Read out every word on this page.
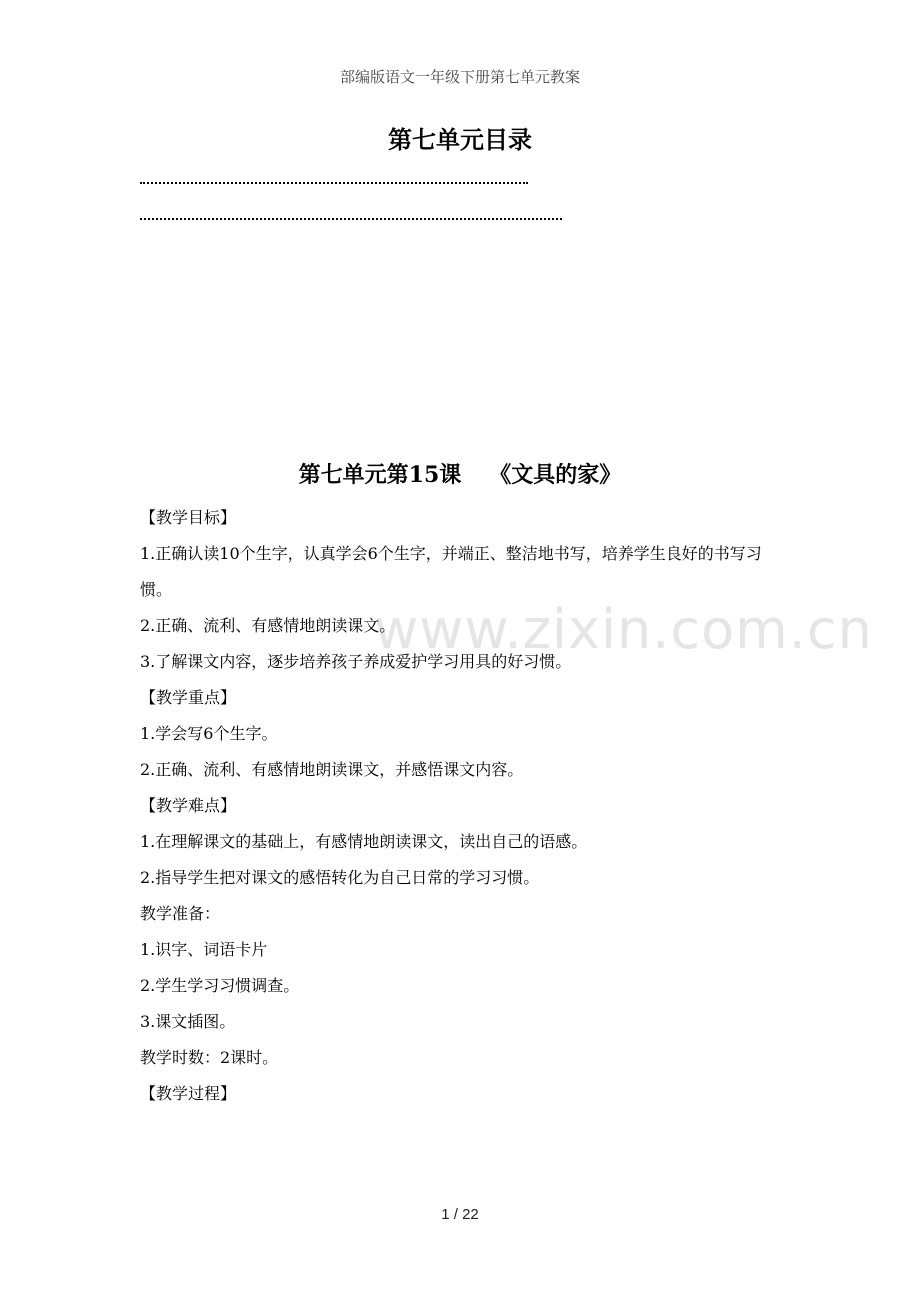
部编版语文一年级下册第七单元教案
第七单元目录
第七单元第15课 《文具的家》
www.zixin.com.cn

【教学目标】

1.正确认读10个生字，认真学会6个生字，并端正、整洁地书写，培养学生良好的书写习惯。

2.正确、流利、有感情地朗读课文。

3.了解课文内容，逐步培养孩子养成爱护学习用具的好习惯。

【教学重点】

1.学会写6个生字。

2.正确、流利、有感情地朗读课文，并感悟课文内容。

【教学难点】

1.在理解课文的基础上，有感情地朗读课文，读出自己的语感。

2.指导学生把对课文的感悟转化为自己日常的学习习惯。

教学准备：

1.识字、词语卡片

2.学生学习习惯调查。

3.课文插图。

教学时数：2课时。

【教学过程】

1 / 22
